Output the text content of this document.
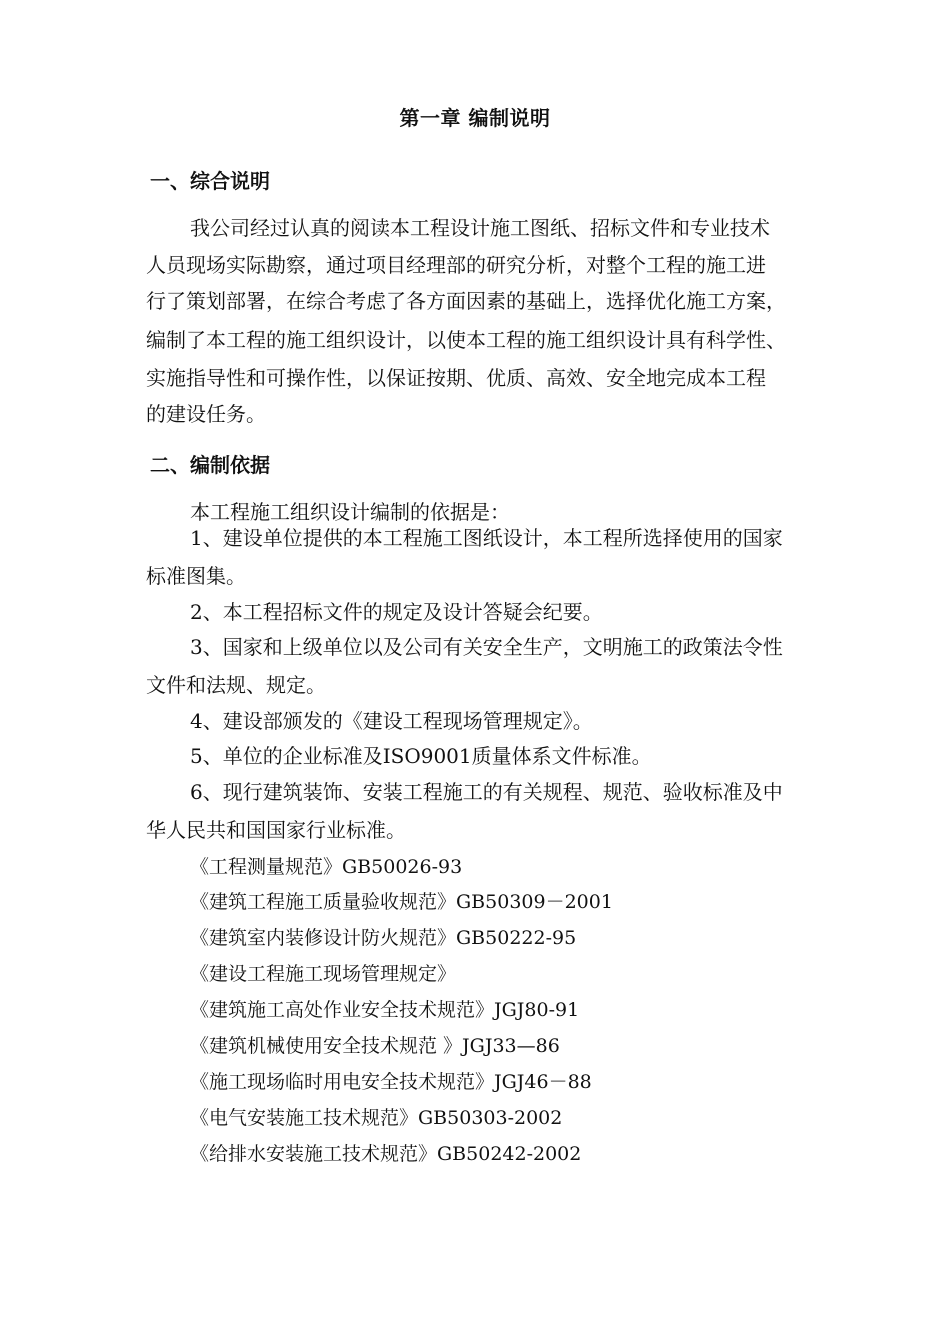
第一章 编制说明
一、综合说明
我公司经过认真的阅读本工程设计施工图纸、招标文件和专业技术
人员现场实际勘察，通过项目经理部的研究分析，对整个工程的施工进
行了策划部署，在综合考虑了各方面因素的基础上，选择优化施工方案，
编制了本工程的施工组织设计，以使本工程的施工组织设计具有科学性、
实施指导性和可操作性，以保证按期、优质、高效、安全地完成本工程
的建设任务。
二、编制依据
本工程施工组织设计编制的依据是：
1、建设单位提供的本工程施工图纸设计，本工程所选择使用的国家
标准图集。
2、本工程招标文件的规定及设计答疑会纪要。
3、国家和上级单位以及公司有关安全生产，文明施工的政策法令性
文件和法规、规定。
4、建设部颁发的《建设工程现场管理规定》。
5、单位的企业标准及ISO9001质量体系文件标准。
6、现行建筑装饰、安装工程施工的有关规程、规范、验收标准及中
华人民共和国国家行业标准。
《工程测量规范》GB50026-93
《建筑工程施工质量验收规范》GB50309－2001
《建筑室内装修设计防火规范》GB50222-95
《建设工程施工现场管理规定》
《建筑施工高处作业安全技术规范》JGJ80-91
《建筑机械使用安全技术规范 》JGJ33—86
《施工现场临时用电安全技术规范》JGJ46－88
《电气安装施工技术规范》GB50303-2002
《给排水安装施工技术规范》GB50242-2002
